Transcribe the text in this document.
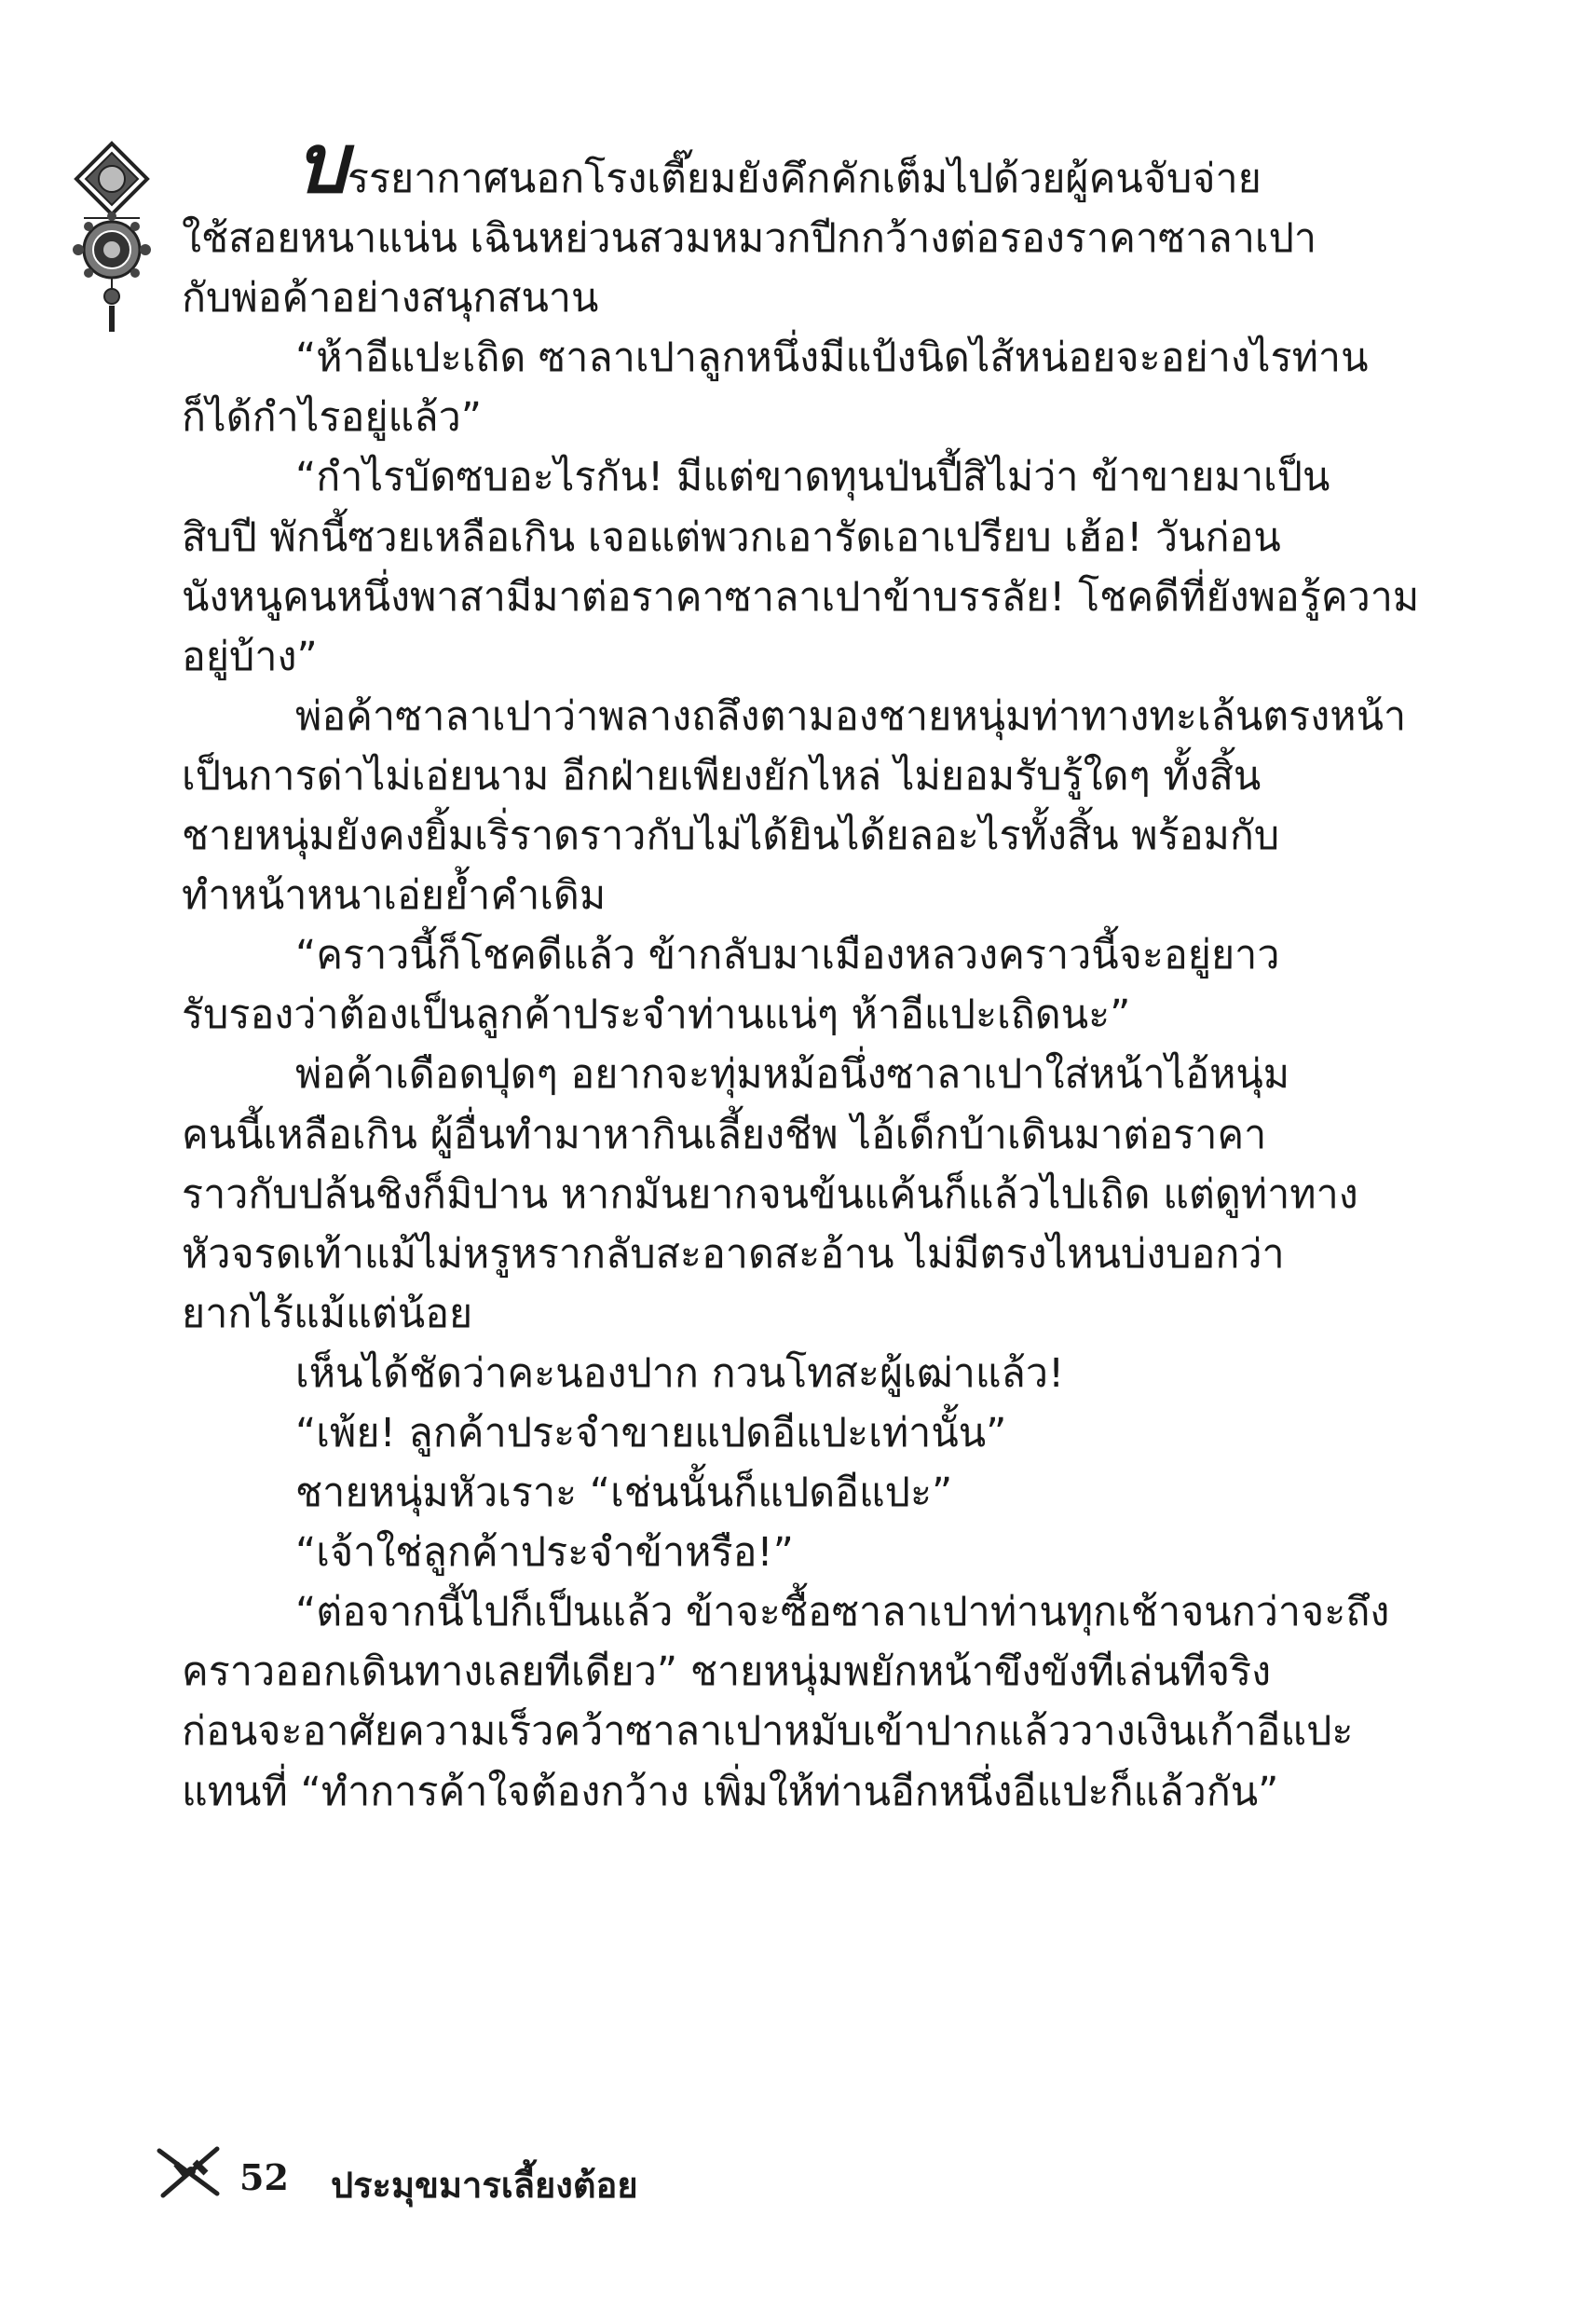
บรรยากาศนอกโรงเตี๊ยมยังคึกคักเต็มไปด้วยผู้คนจับจ่าย

ใช้สอยหนาแน่น เฉินหย่วนสวมหมวกปีกกว้างต่อรองราคาซาลาเปา

กับพ่อค้าอย่างสนุกสนาน

“ห้าอีแปะเถิด ซาลาเปาลูกหนึ่งมีแป้งนิดไส้หน่อยจะอย่างไรท่าน

ก็ได้กำไรอยู่แล้ว”

“กำไรบัดซบอะไรกัน! มีแต่ขาดทุนป่นปี้สิไม่ว่า ข้าขายมาเป็น

สิบปี พักนี้ซวยเหลือเกิน เจอแต่พวกเอารัดเอาเปรียบ เฮ้อ! วันก่อน

นังหนูคนหนึ่งพาสามีมาต่อราคาซาลาเปาข้าบรรลัย! โชคดีที่ยังพอรู้ความ

อยู่บ้าง”

พ่อค้าซาลาเปาว่าพลางถลึงตามองชายหนุ่มท่าทางทะเล้นตรงหน้า

เป็นการด่าไม่เอ่ยนาม อีกฝ่ายเพียงยักไหล่ ไม่ยอมรับรู้ใดๆ ทั้งสิ้น

ชายหนุ่มยังคงยิ้มเริ่ราดราวกับไม่ได้ยินได้ยลอะไรทั้งสิ้น พร้อมกับ

ทำหน้าหนาเอ่ยย้ำคำเดิม

“คราวนี้ก็โชคดีแล้ว ข้ากลับมาเมืองหลวงคราวนี้จะอยู่ยาว

รับรองว่าต้องเป็นลูกค้าประจำท่านแน่ๆ ห้าอีแปะเถิดนะ”

พ่อค้าเดือดปุดๆ อยากจะทุ่มหม้อนึ่งซาลาเปาใส่หน้าไอ้หนุ่ม

คนนี้เหลือเกิน ผู้อื่นทำมาหากินเลี้ยงชีพ ไอ้เด็กบ้าเดินมาต่อราคา

ราวกับปล้นชิงก็มิปาน หากมันยากจนข้นแค้นก็แล้วไปเถิด แต่ดูท่าทาง

หัวจรดเท้าแม้ไม่หรูหรากลับสะอาดสะอ้าน ไม่มีตรงไหนบ่งบอกว่า

ยากไร้แม้แต่น้อย

เห็นได้ชัดว่าคะนองปาก กวนโทสะผู้เฒ่าแล้ว!

“เพ้ย! ลูกค้าประจำขายแปดอีแปะเท่านั้น”

ชายหนุ่มหัวเราะ “เช่นนั้นก็แปดอีแปะ”

“เจ้าใช่ลูกค้าประจำข้าหรือ!”

“ต่อจากนี้ไปก็เป็นแล้ว ข้าจะซื้อซาลาเปาท่านทุกเช้าจนกว่าจะถึง

คราวออกเดินทางเลยทีเดียว” ชายหนุ่มพยักหน้าขึงขังทีเล่นทีจริง

ก่อนจะอาศัยความเร็วคว้าซาลาเปาหมับเข้าปากแล้ววางเงินเก้าอีแปะ

แทนที่ “ทำการค้าใจต้องกว้าง เพิ่มให้ท่านอีกหนึ่งอีแปะก็แล้วกัน”

52 ประมุขมารเลี้ยงต้อย
